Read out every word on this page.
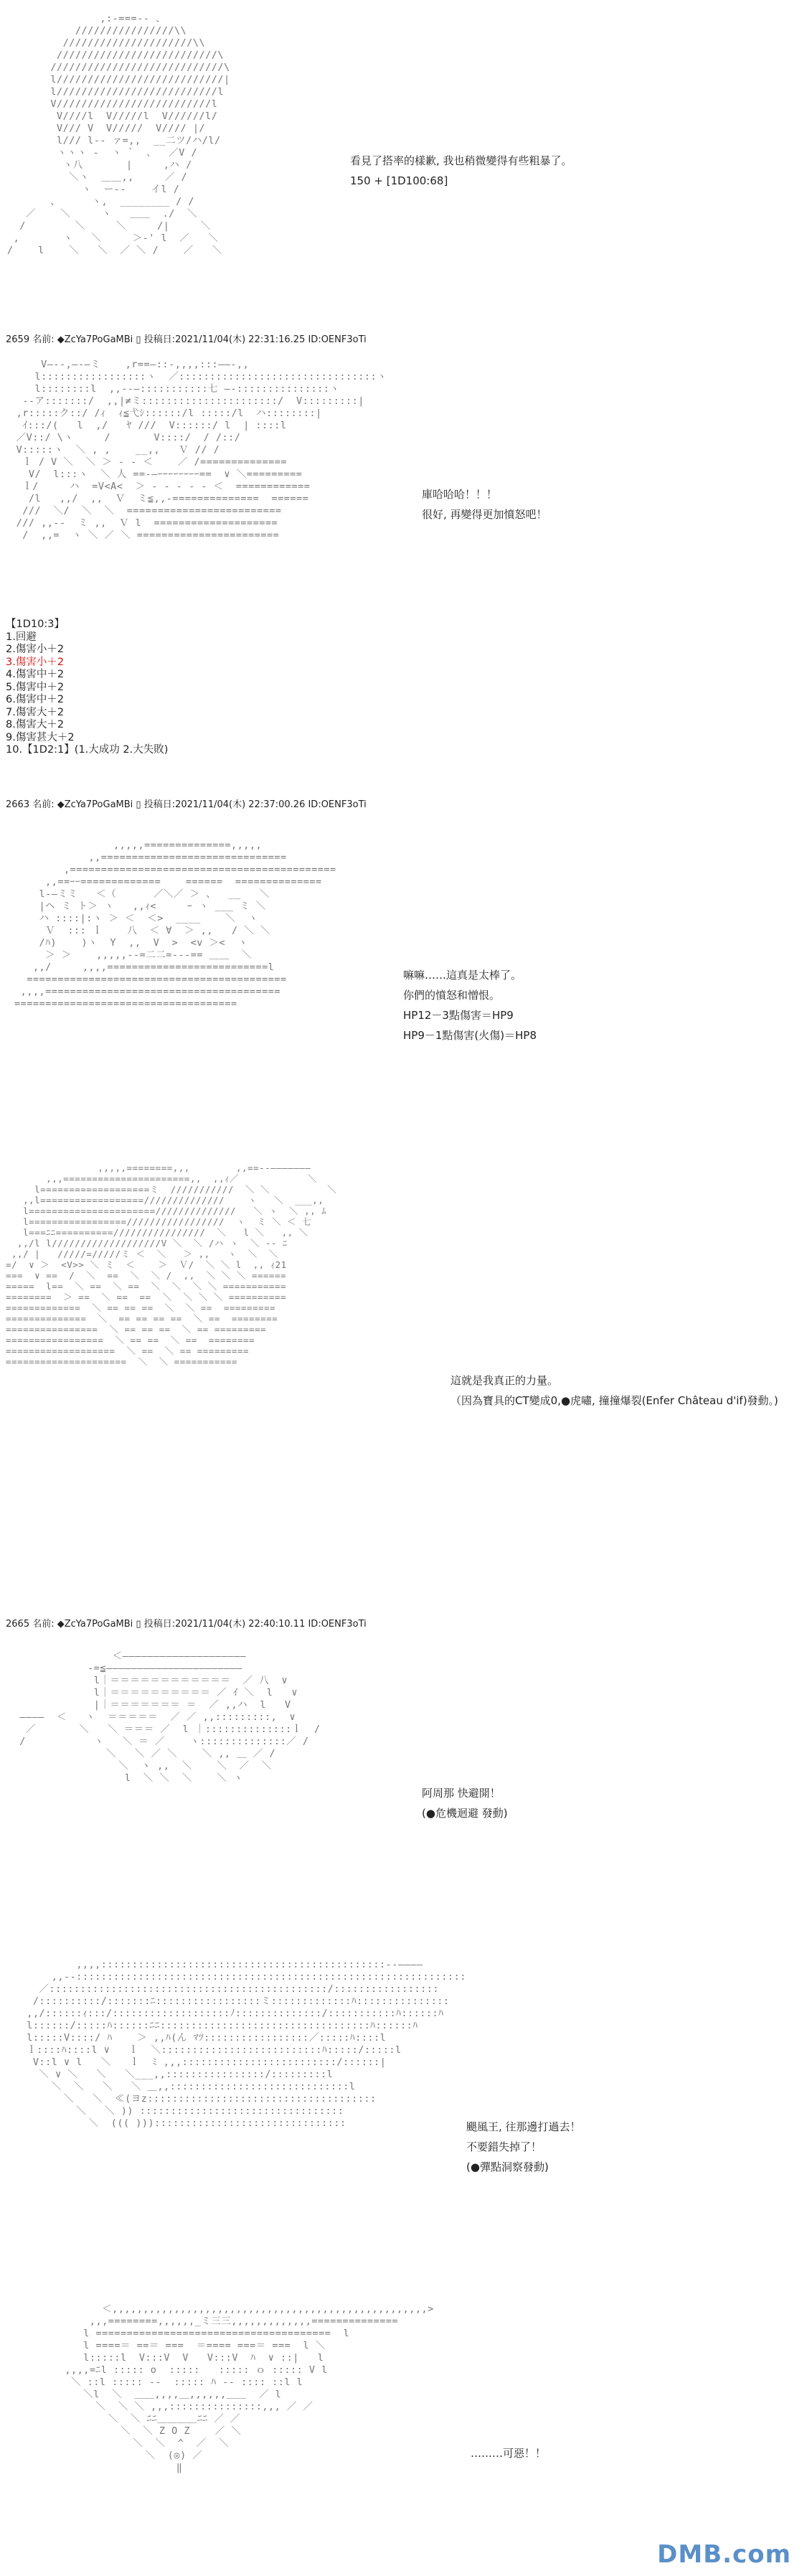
,:-===-- 、
////////////////\\
/////////////////////\\
//////////////////////////\
////////////////////////////\
l///////////////////////////|
l//////////////////////////l
V/////////////////////////l
V////l  V/////l  V//////l/
V/// V  V/////  V//// |/
l/// l-- ァ=,,  __二ツ/ハ/l/
ヽヽヽ ‐  ヽ `  、  ／V /
ヽ八       |     ,ハ /
＼ヽ  ＿＿,,     ／ /
ヽ  ー‐‐    イl /
、     ヽ,  ________ / /
／    ＼     ヽ   ＿＿  ./  ＼
/        ＼     ＼     /|     ＼
,       ヽ   ＼     ＞‐' l  ／   ＼
/    l    ＼   ＼  ／ ＼ /    ／   ＼
看見了搭率的樣歉, 我也稍微變得有些粗暴了。
150 + [1D100:68]
2659 名前: ◆ZcYa7PoGaMBi ▯ 投稿日:2021/11/04(木) 22:31:16.25 ID:OENF3oTi
V―--,―-―ミ    ,r==―::-,,,,:::――-,,
l:::::::::::::::::ヽ  ／::::::::::::::::::::::::::::::::ヽ
l::::::::l  ,,--―:::::::::::七 ―-:::::::::::::::ヽ
-‐ア:::::::/  ,,|≠ミ::::::::::::::::::::::/  V:::::::::|
,r:::::ク::/ /ｨ  ｨ≦弋ｼ::::::/l :::::/l  ハ::::::::|
ｲ:::/(   l  ,/   ﾔ ///  V::::::/ l  | ::::l
／V::/ \ヽ     /       V::::/  / /::/
V:::::ヽ  ＼ , ,    __,,   Ｖ // /
ｌ / V ＼  ＼ ＞ ‐ ‐ ＜    ／ /==============
V/  l:::ヽ  ＼ 人 ==-―ｰｰｰｰｰｰｰｰ==  ∨ ＼=========
ｌ/     ハ  =V<A<  ＞ ‐ ‐ - ‐ ‐ ＜  ============
/l   ,,/  ,,  Ｖ  ミ≦,,-==============  ======
///  ＼/  ＼  ＼  =========================
/// ,,--  ミ ,,  Ｖ l  ====================
/  ,,=  ヽ ＼ ／ ＼ =======================
庫哈哈哈！！！
很好, 再變得更加憤怒吧！
【1D10:3】
1.回避
2.傷害小＋2
3.傷害小＋2
4.傷害中＋2
5.傷害中＋2
6.傷害中＋2
7.傷害大＋2
8.傷害大＋2
9.傷害甚大＋2
10.【1D2:1】(1.大成功 2.大失敗)
2663 名前: ◆ZcYa7PoGaMBi ▯ 投稿日:2021/11/04(木) 22:37:00.26 ID:OENF3oTi
,,,,,==============,,,,,
,,==============================
,===========================================
,,==ｰｰ=============    ======  ==============
l-―ミミ   ＜（      ／＼／ ＞ 、  __   ＼
|ヘ ミ ト＞ ヽ   ,,ｨ<     ｰ ヽ ___ ミ ＼
ハ ::::|:ヽ ＞ ＜  ＜>  ____    ＼  ヽ
Ｖ  ::: ｌ    八  ＜ ∀  ＞ ,,   / ＼ ＼
/ﾊ)    )ヽ  Y  ,,  V  >  <v ＞<  ヽ
＞ ＞    ,,,,,--=二二=---== ＿＿  ＼
,,/     ,,,,==========================l
==========================================
,,,,======================================
====================================
嘛嘛……這真是太棒了。
你們的憤怒和憎恨。
HP12－3點傷害＝HP9
HP9－1點傷害(火傷)＝HP8
,,,,,========,,,        ,,==‐‐―――――――
,,,======================,,  ,,ｨ／            ＼
l===================ミ  ///////////  ＼ ＼          ＼
,,l==================//////////////    ヽ   ＼  ___,,
l======================//////////////   ＼ ヽ  ＼ ,, ﾑ
l=================/////////////////  ヽ  ミ ＼ ＜ 七
l===ﾆﾆ==========////////////////  ＼   l ＼   ,, ＼
,,/l l///////////////////V ＼  ＼ /ハ ヽ  ＼ -‐ ﾆ
,,/ |   /////=/////ミ ＜  ＼   ＞ ,,   ヽ  ＼  ＼
=/  ∨ ＞  <V>> ＼ ミ  ＜    ＞  Ｖ/  ＼ ＼ l  ,, ｨ21
===  ∨ ==  /  ＼  ==  ＼  ＼ /  ,,  ＼ ＼ ＼ ======
=====  l==  ＼ ==  ＼ ==  ＼  ＼  ＼ ＼ ===========
========  ＞ ==  ＼ ==  ==  ＼  ＼ ＼ ＼ ==========
=============  ＼ == == ==  ＼  ＼ ==  =========
==============  ＼  == == == ==  ＼ ==  ========
================  ＼ == == ==  ＼ == =========
=================  ＼ == ==  ＼ ==  ========
===================  ＼ ==  ＼ == =========
=====================  ＼  ＼ ===========
這就是我真正的力量。
（因為寶具的CT變成0,●虎嘯, 撞撞爆裂(Enfer Château d'if)發動。)
2665 名前: ◆ZcYa7PoGaMBi ▯ 投稿日:2021/11/04(木) 22:40:10.11 ID:OENF3oTi
＜――――――――――――――――――――
-=≦――――――――――――――――――――――
l｜＝＝＝＝＝＝＝＝＝＝＝＝  ／ 八  ∨
l｜＝＝＝＝＝＝＝＝＝＝ ／ ｲ ＼  l   ∨
|｜＝＝＝＝＝＝＝ ＝  ／ ,,ハ  l   V
――――  ＜   ヽ  ＝＝＝＝＝  ／ ／ ,,:::::::::,  ∨
／       ＼   ＼ ＝＝＝ ／  l ｜::::::::::::::ｌ  /
/           ヽ   ＼ ＝ ／    ヽ::::::::::::::／ /
＼   ＼ ／ ＼    ＼ ,, ＿ ／ /
＼  ヽ ,,  ＼    ＼  ／  ＼
l  ＼ ＼  ＼    ＼ ヽ
阿周那 快避開！
(●危機迴避 發動)
,,,,::::::::::::::::::::::::::::::::::::::::::::::-‐――――
,,-‐:::::::::::::::::::::::::::::::::::::::::::::::::::::::::::::::
／:::::::::::::::::::::::::::::::::::::::::::::/:::::::::::::::::
/::::::::::/:::::::ﾆ:::::::::::::::::ミ:::::::::::::ﾊ:::::::::::::::
,,/::::::ｨ:::/:::::::::::::::::::ﾉ::::::::::::::/:::::::::::ﾊ::::::ﾊ
l::::::/:::::ﾊ::::::ﾆﾆ::::::::::::::::::::::::::::::::::ﾊ::::::ﾊ
l:::::V::::/ ﾊ    ＞ ,,ﾊ(ん ﾏﾂ:::::::::::::::::／:::::ﾊ::::l
ｌ::::ﾊ::::l ∨   ｌ  ＼::::::::::::::::::::::::::ﾊ:::::/:::::l
V::l ∨ l   ＼   ｌ  ﾐ ,,,:::::::::::::::::::::::::/::::::|
＼ ∨ ＼   ＼   ＼___,,::::::::::::::::/:::::::::l
＼  ＼   ＼   ＼ ＿,,:::::::::::::::::::::::::::::l
＼   ＼  ≪(ヨz:::::::::::::::::::::::::::::::::::::
＼   ＼ )) :::::::::::::::::::::::::::::::::
＼  ((( ))):::::::::::::::::::::::::::::::	颶風王, 往那邊打過去！
不要錯失掉了！
(●彈點洞察發動)
＜,,,,,,,,,,,,,,,,,,,,,,,,,,,,,,,,,,,,,,,,,,,,,,,,,,,>
,,,========,,,,,,_ミ三三,,,,,,,,,,,,,==============
l ======================================  l
l ====＝ ==＝ ===  ＝==== ===＝ ===  l ＼
l:::::l  V:::V  V   V:::V  ﾊ  ∨ ::|   l
,,,,=ﾆl ::::: o  :::::   ::::: ｏ ::::: V l
＼ ::l ::::: -‐  ::::: ﾊ -‐ :::: ::l l
＼l  ＼  ＿＿,,,,＿,,,,,,＿＿  ／ l
＼  ＼ ＼ ,,,:::::::::::::::,,, ／ ／
＼  ＼ ﾆﾆ＿＿＿＿ﾆﾆ ／ ／
＼  ＼ Z O Z    ／ ＼
＼  ＼  ^  ／  ＼
＼  (◎) ／
‖
………可惡！！
DMB.com
